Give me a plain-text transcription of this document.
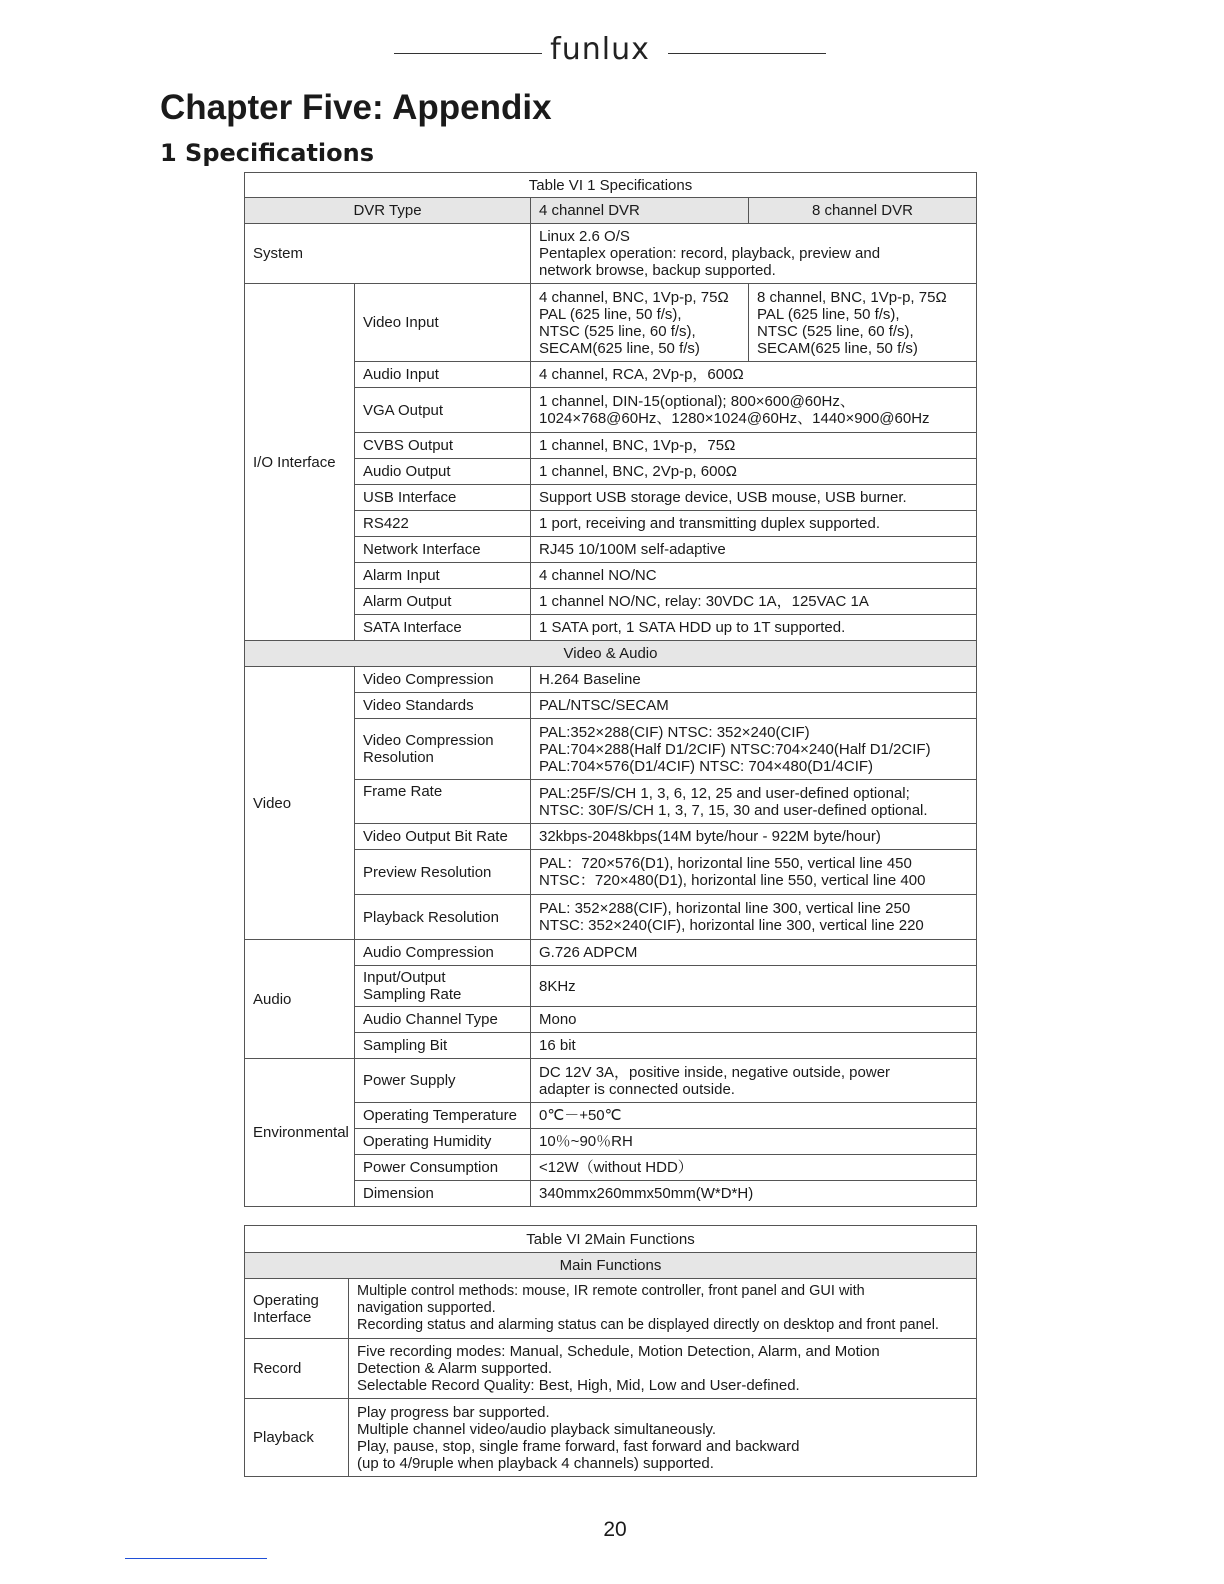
funlux
Chapter Five: Appendix
1 Specifications
Table VI 1 Specifications			
DVR Type		4 channel DVR	8 channel DVR
System		Linux 2.6 O/S
Pentaplex operation: record, playback, preview and
network browse, backup supported.	
I/O Interface	Video Input	4 channel, BNC, 1Vp-p, 75Ω
PAL (625 line, 50 f/s),
NTSC (525 line, 60 f/s),
SECAM(625 line, 50 f/s)	8 channel, BNC, 1Vp-p, 75Ω
PAL (625 line, 50 f/s),
NTSC (525 line, 60 f/s),
SECAM(625 line, 50 f/s)
	Audio Input	4 channel, RCA, 2Vp-p，600Ω	
	VGA Output	1 channel, DIN-15(optional); 800×600@60Hz、
1024×768@60Hz、1280×1024@60Hz、1440×900@60Hz	
	CVBS Output	1 channel, BNC, 1Vp-p，75Ω	
	Audio Output	1 channel, BNC, 2Vp-p, 600Ω	
	USB Interface	Support USB storage device, USB mouse, USB burner.	
	RS422	1 port, receiving and transmitting duplex supported.	
	Network Interface	RJ45 10/100M self-adaptive	
	Alarm Input	4 channel NO/NC	
	Alarm Output	1 channel NO/NC, relay: 30VDC 1A，125VAC 1A	
	SATA Interface	1 SATA port, 1 SATA HDD up to 1T supported.	
Video & Audio			
Video	Video Compression	H.264 Baseline	
	Video Standards	PAL/NTSC/SECAM	
	Video Compression
Resolution	PAL:352×288(CIF) NTSC: 352×240(CIF)
PAL:704×288(Half D1/2CIF) NTSC:704×240(Half D1/2CIF)
PAL:704×576(D1/4CIF) NTSC: 704×480(D1/4CIF)	
	Frame Rate	PAL:25F/S/CH 1, 3, 6, 12, 25 and user-defined optional;
NTSC: 30F/S/CH 1, 3, 7, 15, 30 and user-defined optional.	
	Video Output Bit Rate	32kbps-2048kbps(14M byte/hour - 922M byte/hour)	
	Preview Resolution	PAL：720×576(D1), horizontal line 550, vertical line 450
NTSC：720×480(D1), horizontal line 550, vertical line 400	
	Playback Resolution	PAL: 352×288(CIF), horizontal line 300, vertical line 250
NTSC: 352×240(CIF), horizontal line 300, vertical line 220	
Audio	Audio Compression	G.726 ADPCM	
	Input/Output
Sampling Rate	8KHz	
	Audio Channel Type	Mono	
	Sampling Bit	16 bit	
Environmental	Power Supply	DC 12V 3A，positive inside, negative outside, power
adapter is connected outside.	
	Operating Temperature	0℃－+50℃	
	Operating Humidity	10％~90％RH	
	Power Consumption	<12W（without HDD）	
	Dimension	340mmx260mmx50mm(W*D*H)	
Table VI 2Main Functions	
Main Functions	
Operating
Interface	Multiple control methods: mouse, IR remote controller, front panel and GUI with
navigation supported.
Recording status and alarming status can be displayed directly on desktop and front panel.
Record	Five recording modes: Manual, Schedule, Motion Detection, Alarm, and Motion
Detection & Alarm supported.
Selectable Record Quality: Best, High, Mid, Low and User-defined.
Playback	Play progress bar supported.
Multiple channel video/audio playback simultaneously.
Play, pause, stop, single frame forward, fast forward and backward
(up to 4/9ruple when playback 4 channels) supported.
20
